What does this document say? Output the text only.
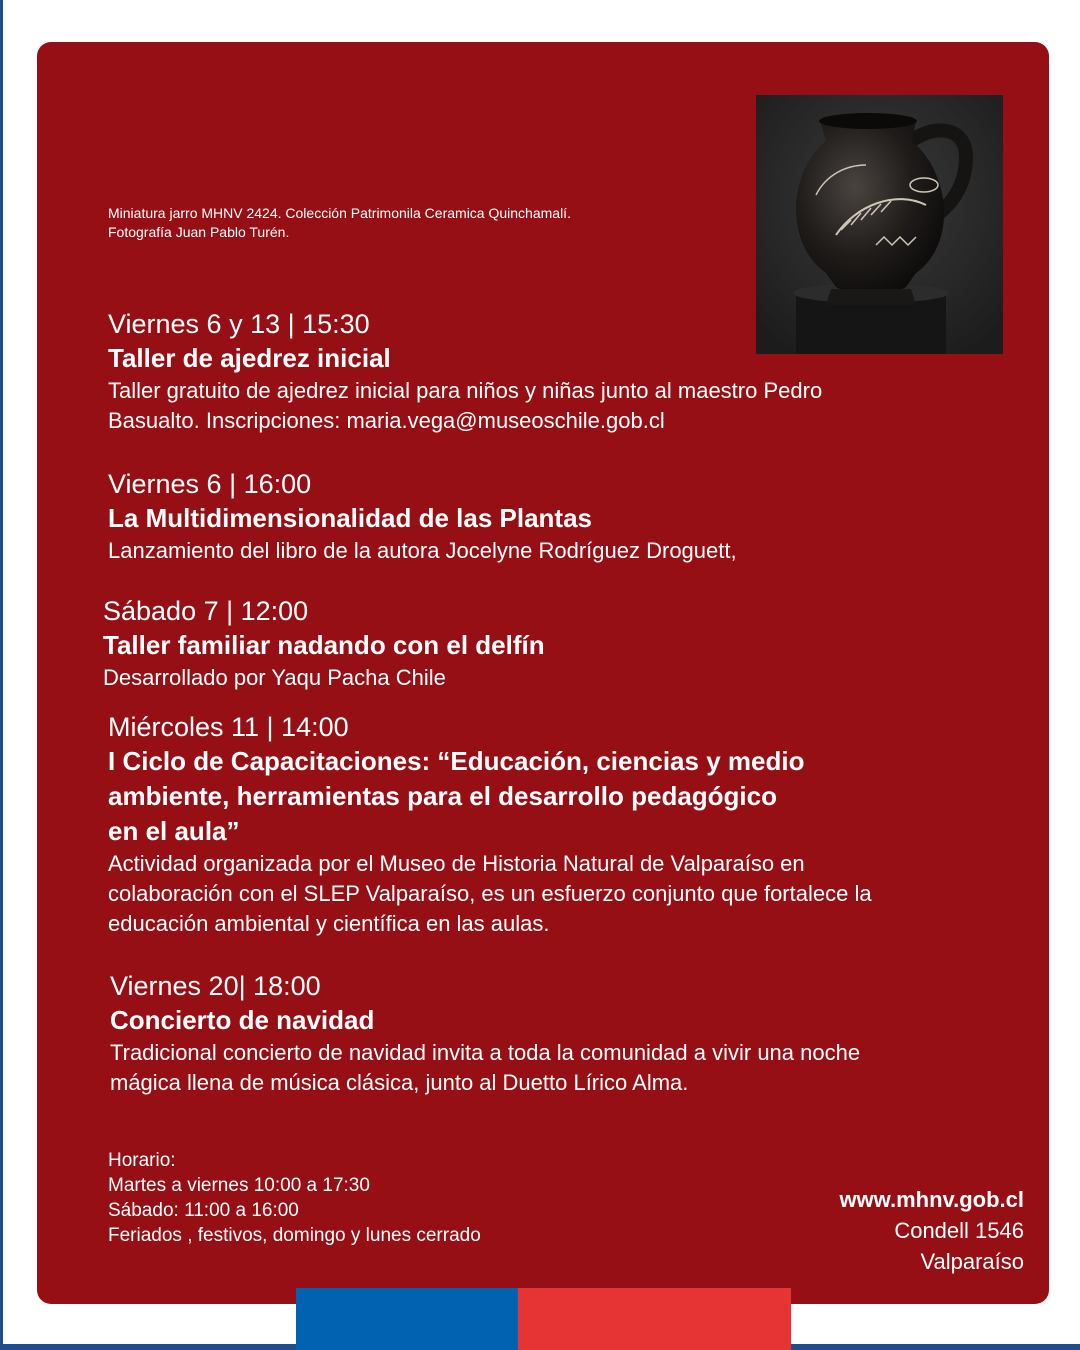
Miniatura jarro MHNV 2424. Colección Patrimonila Ceramica Quinchamalí.
Fotografía Juan Pablo Turén.
Viernes 6 y 13 | 15:30
Taller de ajedrez inicial
Taller gratuito de ajedrez inicial para niños y niñas junto al maestro Pedro
Basualto. Inscripciones: maria.vega@museoschile.gob.cl
Viernes 6 | 16:00
La Multidimensionalidad de las Plantas
Lanzamiento del libro de la autora Jocelyne Rodríguez Droguett,
Sábado 7 | 12:00
Taller familiar nadando con el delfín
Desarrollado por Yaqu Pacha Chile
Miércoles 11 | 14:00
I Ciclo de Capacitaciones: “Educación, ciencias y medio
ambiente, herramientas para el desarrollo pedagógico
en el aula”
Actividad organizada por el Museo de Historia Natural de Valparaíso en
colaboración con el SLEP Valparaíso, es un esfuerzo conjunto que fortalece la
educación ambiental y científica en las aulas.
Viernes 20| 18:00
Concierto de navidad
Tradicional concierto de navidad invita a toda la comunidad a vivir una noche
mágica llena de música clásica, junto al Duetto Lírico Alma.
Horario:
Martes a viernes 10:00 a 17:30
Sábado: 11:00 a 16:00
Feriados , festivos, domingo y lunes cerrado
www.mhnv.gob.cl
Condell 1546
Valparaíso
